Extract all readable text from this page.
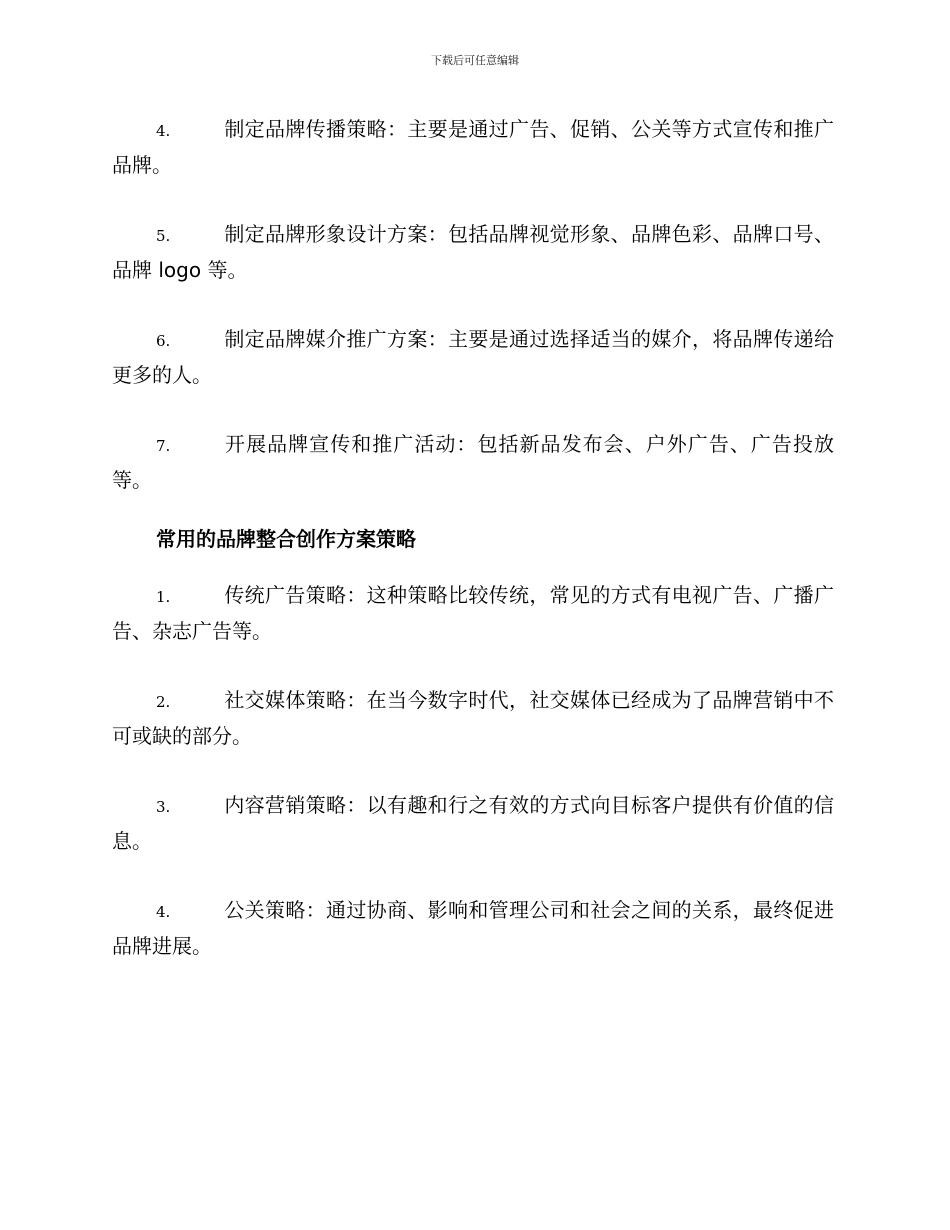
下载后可任意编辑
4.	制定品牌传播策略：主要是通过广告、促销、公关等方式宣传和推广品牌。
5.	制定品牌形象设计方案：包括品牌视觉形象、品牌色彩、品牌口号、品牌 logo 等。
6.	制定品牌媒介推广方案：主要是通过选择适当的媒介，将品牌传递给更多的人。
7.	开展品牌宣传和推广活动：包括新品发布会、户外广告、广告投放等。
常用的品牌整合创作方案策略
1.	传统广告策略：这种策略比较传统，常见的方式有电视广告、广播广告、杂志广告等。
2.	社交媒体策略：在当今数字时代，社交媒体已经成为了品牌营销中不可或缺的部分。
3.	内容营销策略：以有趣和行之有效的方式向目标客户提供有价值的信息。
4.	公关策略：通过协商、影响和管理公司和社会之间的关系，最终促进品牌进展。
